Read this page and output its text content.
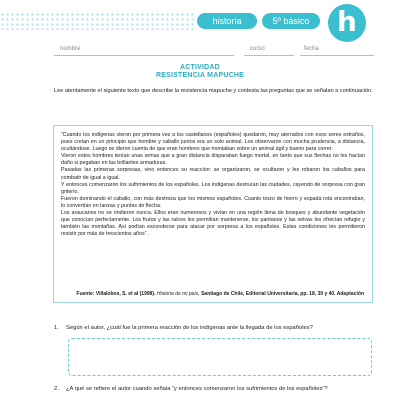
historia	5º básico h
nombre	curso	fecha
ACTIVIDAD
RESISTENCIA MAPUCHE

Lee atentamente el siguiente texto que describe la resistencia mapuche y contesta las preguntas que se señalan a continuación.

“Cuando los indígenas vieron por primera vez a los castellanos (españoles) quedaron, muy aterrados con esos seres extraños, pues creían en un principio que hombre y caballo juntos era un solo animal. Los observaron con mucha prudencia, a distancia, ocultándose. Luego se dieron cuenta de que eran hombres que montaban sobre un animal ágil y bueno para correr.

Vieron estos hombres tenían unas armas que a gran distancia disparaban fuego mortal, en tanto que sus flechas no les hacían daño si pegaban en las brillantes armaduras.

Pasadas las primeras sorpresas, vino entonces su reacción: se organizaron, se ocultaron y les robaron los caballos para combatir de igual a igual.

Y entonces comenzaron los sufrimientos de los españoles. Los indígenas destruían las ciudades, cayendo de sorpresa con gran griterío.

Fueron dominando el caballo, con más destreza que los mismos españoles. Cuanto trozo de hierro y espada rota encontraban, lo convertían en lanzas y puntas de flecha.

Los araucanos no se rindieron nunca. Ellos eran numerosos y vivían en una región llena de bosques y abundante vegetación que conocían perfectamente. Los frutos y las raíces les permitían mantenerse, los pantanos y las selvas les ofrecían refugio y también las montañas. Así podían esconderse para atacar por sorpresa a los españoles. Estas condiciones les permitieron resistir por más de trescientos años”.

Fuente: Villalobos, S. et al (1998). Historia de mi país, Santiago de Chile, Editorial Universitaria, pp. 18, 39 y 40. Adaptación
1. Según el autor, ¿cuál fue la primera reacción de los indígenas ante la llegada de los españoles?
2. ¿A qué se refiere el autor cuando señala “y entonces comenzaron los sufrimientos de los españoles”?
